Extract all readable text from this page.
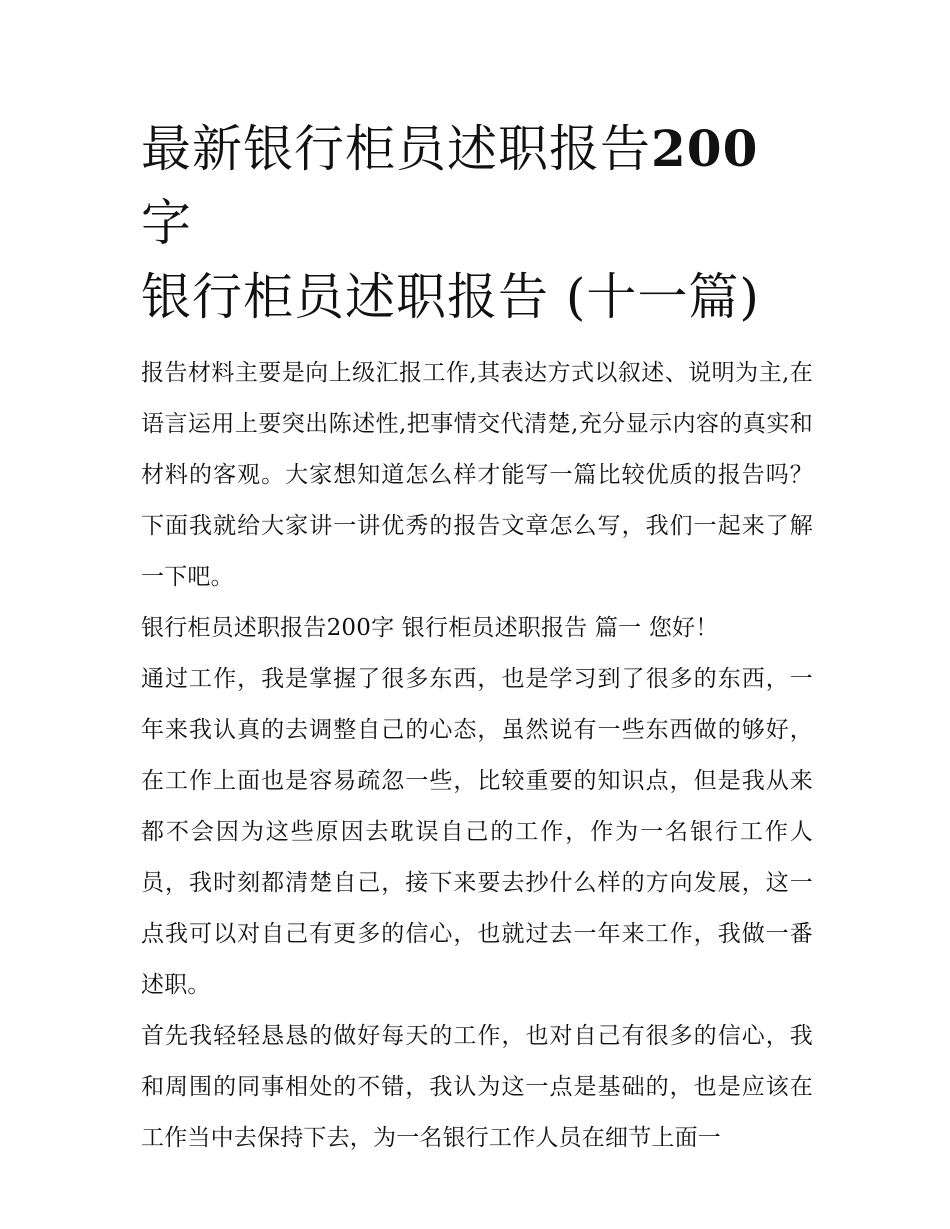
最新银行柜员述职报告200 字
银行柜员述职报告 (十一篇)

报告材料主要是向上级汇报工作,其表达方式以叙述、说明为主,在语言运用上要突出陈述性,把事情交代清楚,充分显示内容的真实和材料的客观。大家想知道怎么样才能写一篇比较优质的报告吗？下面我就给大家讲一讲优秀的报告文章怎么写，我们一起来了解一下吧。

银行柜员述职报告200字 银行柜员述职报告 篇一 您好！

通过工作，我是掌握了很多东西，也是学习到了很多的东西，一年来我认真的去调整自己的心态，虽然说有一些东西做的够好，在工作上面也是容易疏忽一些，比较重要的知识点，但是我从来都不会因为这些原因去耽误自己的工作，作为一名银行工作人员，我时刻都清楚自己，接下来要去抄什么样的方向发展，这一点我可以对自己有更多的信心，也就过去一年来工作，我做一番述职。

首先我轻轻恳恳的做好每天的工作，也对自己有很多的信心，我和周围的同事相处的不错，我认为这一点是基础的，也是应该在工作当中去保持下去，为一名银行工作人员在细节上面一
